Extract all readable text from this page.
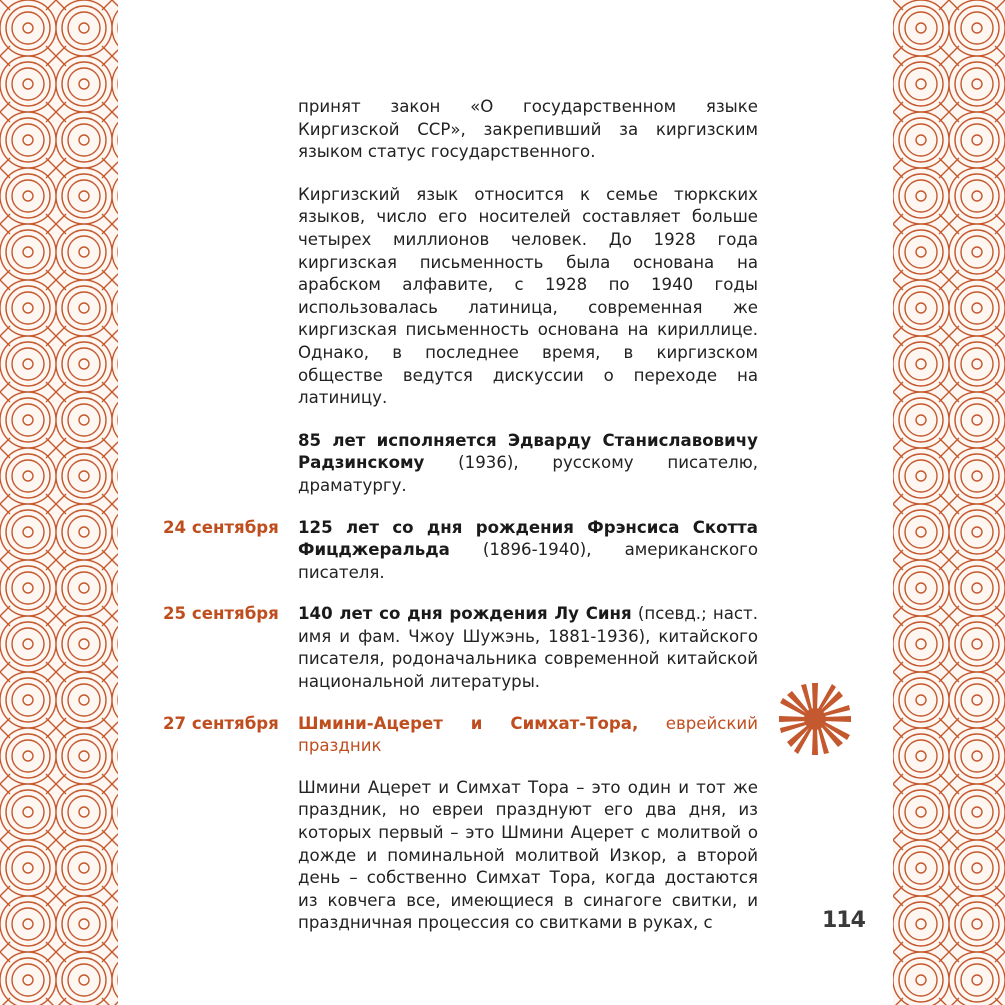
принят закон «О государственном языке Киргизской ССР», закрепивший за киргизским языком статус государственного.

Киргизский язык относится к семье тюркских языков, число его носителей составляет больше четырех миллионов человек. До 1928 года киргизская письменность была основана на арабском алфавите, с 1928 по 1940 годы использовалась латиница, современная же киргизская письменность основана на кириллице. Однако, в последнее время, в киргизском обществе ведутся дискуссии о переходе на латиницу.

85 лет исполняется Эдварду Станиславовичу Радзинскому (1936), русскому писателю, драматургу.
24 сентября 125 лет со дня рождения Фрэнсиса Скотта Фицджеральда (1896-1940), американского писателя.
25 сентября 140 лет со дня рождения Лу Синя (псевд.; наст. имя и фам. Чжоу Шужэнь, 1881-1936), китайского писателя, родоначальника современной китайской национальной литературы.
27 сентября Шмини-Ацерет и Симхат-Тора, еврейский праздник

Шмини Ацерет и Симхат Тора – это один и тот же праздник, но евреи празднуют его два дня, из которых первый – это Шмини Ацерет с молитвой о дожде и поминальной молитвой Изкор, а второй день – собственно Симхат Тора, когда достаются из ковчега все, имеющиеся в синагоге свитки, и праздничная процессия со свитками в руках, с	114
